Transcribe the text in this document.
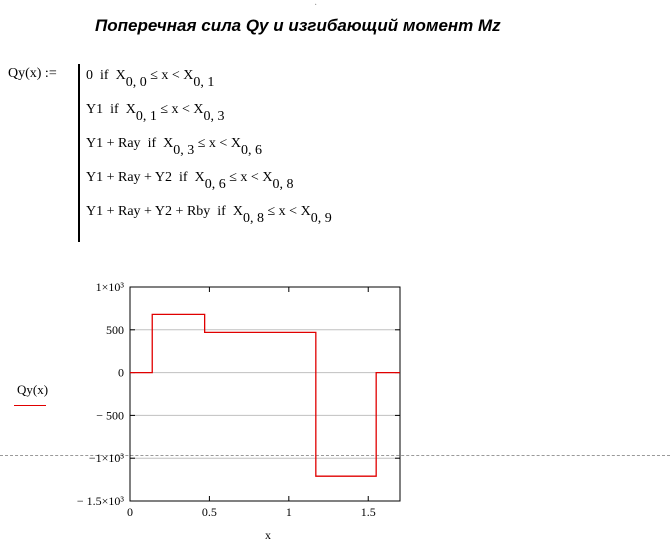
·
Поперечная сила Qy и изгибающий момент Mz
Qy(x) := 0 if $X_{0, 0} \le x < X_{0, 1}$
Y1 if $X_{0, 1} \le x < X_{0, 3}$
Y1 + Ray if $X_{0, 3} \le x < X_{0, 6}$
Y1 + Ray + Y2 if $X_{0, 6} \le x < X_{0, 8}$
Y1 + Ray + Y2 + Rby if $X_{0, 8} \le x < X_{0, 9}$
Qy(x)
0	0.5	1	1.5
1×10³
500
0
− 500
−1×10³
− 1.5×10³
x
